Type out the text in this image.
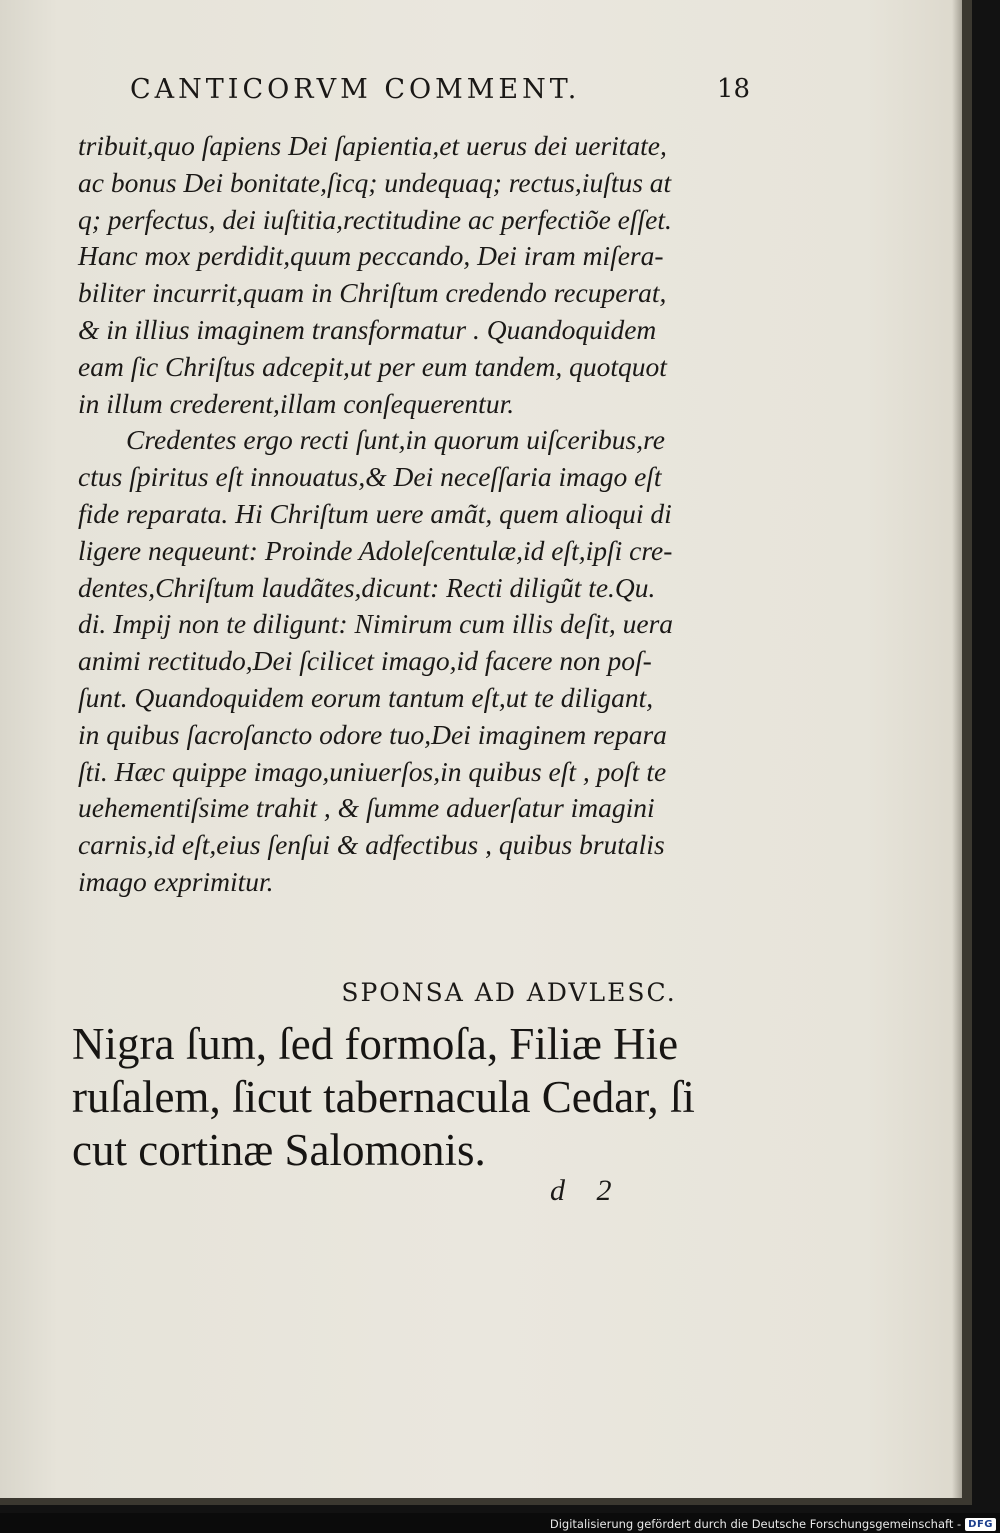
CANTICORVM COMMENT.	18
tribuit,quo ſapiens Dei ſapientia,et uerus dei ueritate,
ac bonus Dei bonitate,ſicq; undequaq; rectus,iuſtus at
q; perfectus, dei iuſtitia,rectitudine ac perfectiõe eſſet.
Hanc mox perdidit,quum peccando, Dei iram miſera-
biliter incurrit,quam in Chriſtum credendo recuperat,
& in illius imaginem transformatur . Quandoquidem
eam ſic Chriſtus adcepit,ut per eum tandem, quotquot
in illum crederent,illam conſequerentur.
Credentes ergo recti ſunt,in quorum uiſceribus,re
ctus ſpiritus eſt innouatus,& Dei neceſſaria imago eſt
fide reparata. Hi Chriſtum uere amãt, quem alioqui di
ligere nequeunt: Proinde Adoleſcentulæ,id eſt,ipſi cre-
dentes,Chriſtum laudãtes,dicunt: Recti diligũt te.Qu.
di. Impij non te diligunt: Nimirum cum illis deſit, uera
animi rectitudo,Dei ſcilicet imago,id facere non poſ-
ſunt. Quandoquidem eorum tantum eſt,ut te diligant,
in quibus ſacroſancto odore tuo,Dei imaginem repara
ſti. Hæc quippe imago,uniuerſos,in quibus eſt , poſt te
uehementiſsime trahit , & ſumme aduerſatur imagini
carnis,id eſt,eius ſenſui & adfectibus , quibus brutalis
imago exprimitur.
SPONSA AD ADVLESC.
Nigra ſum, ſed formoſa, Filiæ Hie
ruſalem, ſicut tabernacula Cedar, ſi
cut cortinæ Salomonis.
d 2
Digitalisierung gefördert durch die Deutsche Forschungsgemeinschaft - DFG
